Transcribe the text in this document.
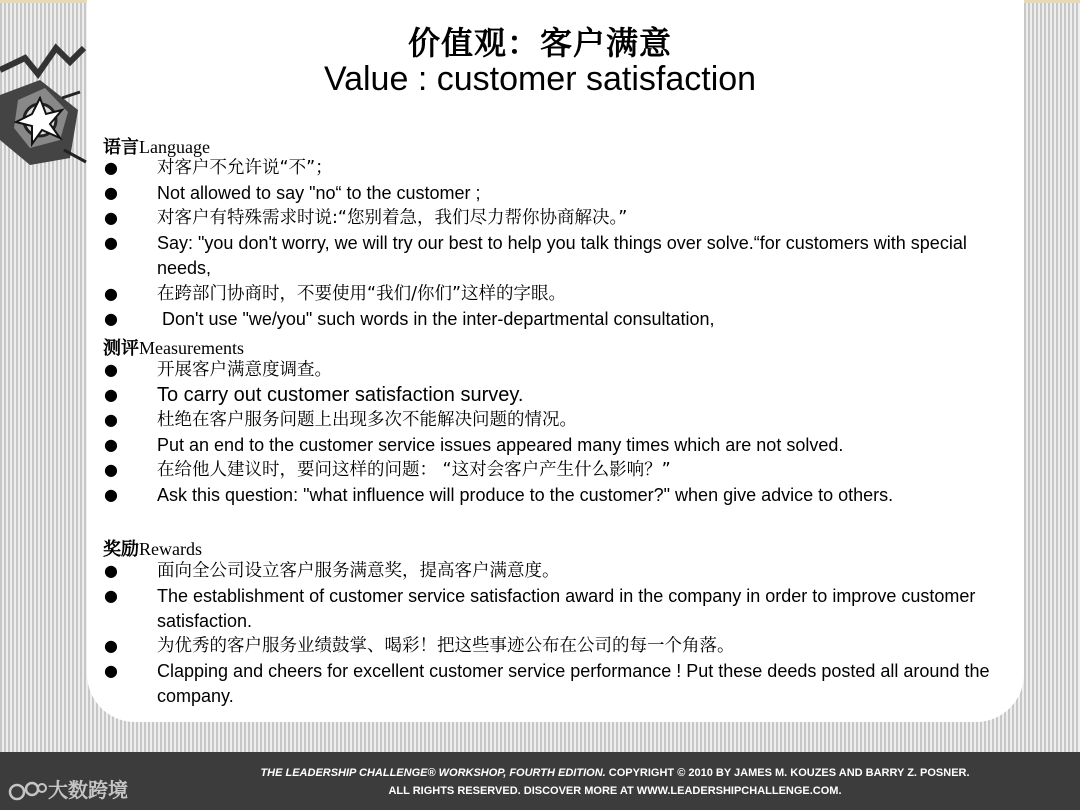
价值观：客户满意
Value : customer satisfaction
语言Language
● 对客户不允许说“不”；
● Not allowed to say "no“ to the customer ;
● 对客户有特殊需求时说:“您别着急，我们尽力帮你协商解决。”
● Say: "you don't worry, we will try our best to help you talk things over solve.“for customers with special needs,
● 在跨部门协商时，不要使用“我们/你们”这样的字眼。
● Don't use "we/you" such words in the inter-departmental consultation,
测评Measurements
● 开展客户满意度调查。
● To carry out customer satisfaction survey.
● 杜绝在客户服务问题上出现多次不能解决问题的情况。
● Put an end to the customer service issues appeared many times which are not solved.
● 在给他人建议时，要问这样的问题： “这对会客户产生什么影响？”
● Ask this question: "what influence will produce to the customer?" when give advice to others.
奖励Rewards
● 面向全公司设立客户服务满意奖，提高客户满意度。
● The establishment of customer service satisfaction award in the company in order to improve customer satisfaction.
● 为优秀的客户服务业绩鼓掌、喝彩！把这些事迹公布在公司的每一个角落。
● Clapping and cheers for excellent customer service performance ! Put these deeds posted all around the company.
THE LEADERSHIP CHALLENGE® WORKSHOP, FOURTH EDITION. COPYRIGHT © 2010 BY JAMES M. KOUZES AND BARRY Z. POSNER.
ALL RIGHTS RESERVED. DISCOVER MORE AT WWW.LEADERSHIPCHALLENGE.COM.
大数跨境
